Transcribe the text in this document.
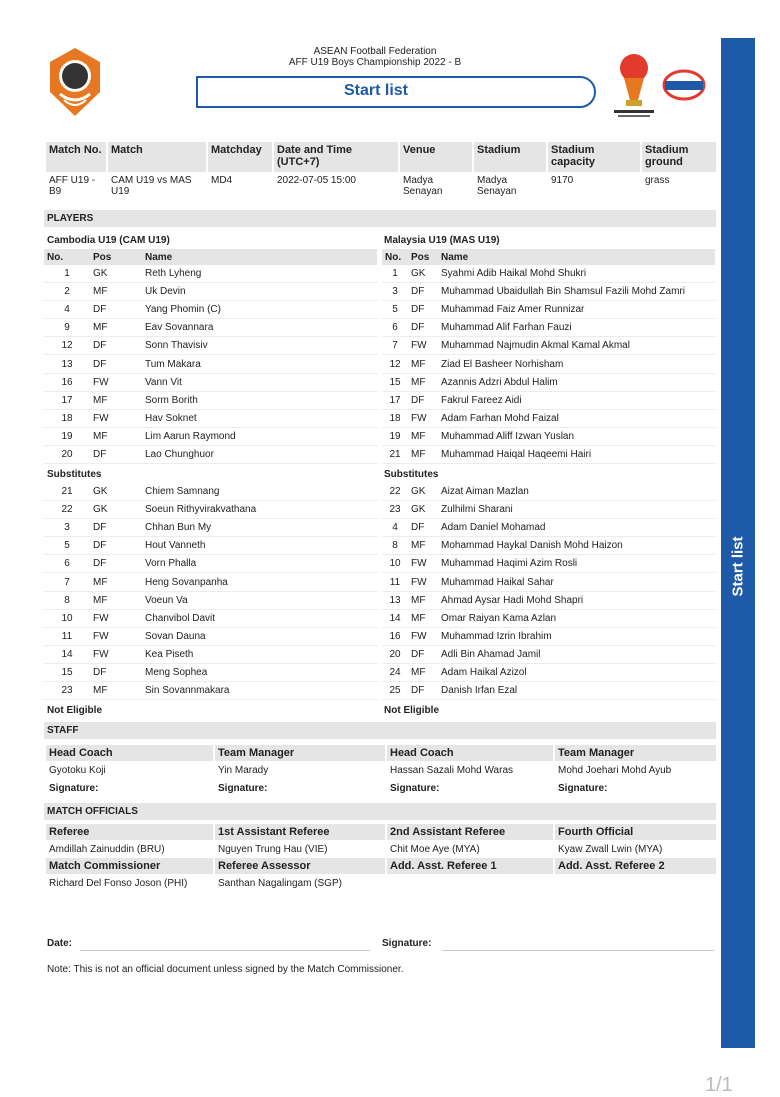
ASEAN Football Federation
AFF U19 Boys Championship 2022 - B
Start list
Start list
Match No.	Match	Matchday	Date and Time (UTC+7)	Venue	Stadium	Stadium capacity	Stadium ground
AFF U19 - B9	CAM U19 vs MAS U19	MD4	2022-07-05 15:00	Madya Senayan	Madya Senayan	9170	grass
PLAYERS
Cambodia U19 (CAM U19)	Malaysia U19 (MAS U19)
No.	Pos	Name
1	GK	Reth Lyheng
2	MF	Uk Devin
4	DF	Yang Phomin (C)
9	MF	Eav Sovannara
12	DF	Sonn Thavisiv
13	DF	Tum Makara
16	FW	Vann Vit
17	MF	Sorm Borith
18	FW	Hav Soknet
19	MF	Lim Aarun Raymond
20	DF	Lao Chunghuor
No.	Pos	Name
1	GK	Syahmi Adib Haikal Mohd Shukri
3	DF	Muhammad Ubaidullah Bin Shamsul Fazili Mohd Zamri
5	DF	Muhammad Faiz Amer Runnizar
6	DF	Muhammad Alif Farhan Fauzi
7	FW	Muhammad Najmudin Akmal Kamal Akmal
12	MF	Ziad El Basheer Norhisham
15	MF	Azannis Adzri Abdul Halim
17	DF	Fakrul Fareez Aidi
18	FW	Adam Farhan Mohd Faizal
19	MF	Muhammad Aliff Izwan Yuslan
21	MF	Muhammad Haiqal Haqeemi Hairi
Substitutes	Substitutes
21	GK	Chiem Samnang
22	GK	Soeun Rithyvirakvathana
3	DF	Chhan Bun My
5	DF	Hout Vanneth
6	DF	Vorn Phalla
7	MF	Heng Sovanpanha
8	MF	Voeun Va
10	FW	Chanvibol Davit
11	FW	Sovan Dauna
14	FW	Kea Piseth
15	DF	Meng Sophea
23	MF	Sin Sovannmakara
22	GK	Aizat Aiman Mazlan
23	GK	Zulhilmi Sharani
4	DF	Adam Daniel Mohamad
8	MF	Mohammad Haykal Danish Mohd Haizon
10	FW	Muhammad Haqimi Azim Rosli
11	FW	Muhammad Haikal Sahar
13	MF	Ahmad Aysar Hadi Mohd Shapri
14	MF	Omar Raiyan Kama Azlan
16	FW	Muhammad Izrin Ibrahim
20	DF	Adli Bin Ahamad Jamil
24	MF	Adam Haikal Azizol
25	DF	Danish Irfan Ezal
Not Eligible	Not Eligible
STAFF
Head Coach	Team Manager	Head Coach	Team Manager
Gyotoku Koji	Yin Marady	Hassan Sazali Mohd Waras	Mohd Joehari Mohd Ayub
Signature:	Signature:	Signature:	Signature:
MATCH OFFICIALS
Referee	1st Assistant Referee	2nd Assistant Referee	Fourth Official
Amdillah Zainuddin (BRU)	Nguyen Trung Hau (VIE)	Chit Moe Aye (MYA)	Kyaw Zwall Lwin (MYA)
Match Commissioner	Referee Assessor	Add. Asst. Referee 1	Add. Asst. Referee 2
Richard Del Fonso Joson (PHI)	Santhan Nagalingam (SGP)		
Date:	Signature:
Note: This is not an official document unless signed by the Match Commissioner.
1/1
